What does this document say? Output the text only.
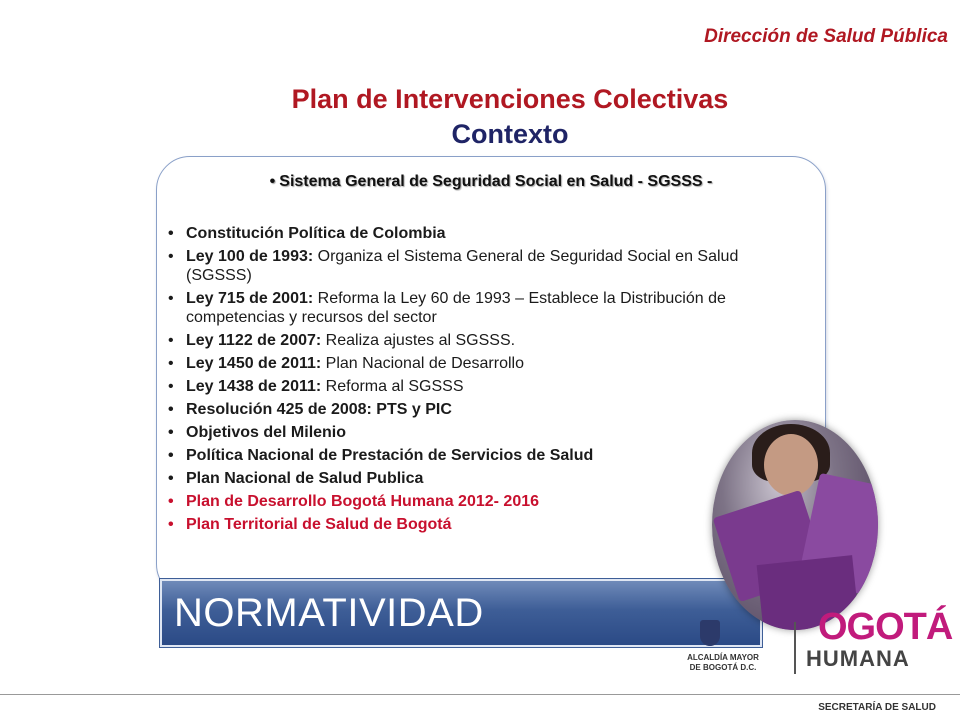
Dirección de Salud Pública
Plan de Intervenciones Colectivas
Contexto
• Sistema General de Seguridad Social en Salud - SGSSS -
• Constitución Política de Colombia
• Ley 100 de 1993: Organiza el Sistema General de Seguridad Social en Salud (SGSSS)
• Ley 715 de 2001: Reforma la Ley 60 de 1993 – Establece la Distribución de competencias y recursos del sector
• Ley 1122 de 2007: Realiza ajustes al SGSSS.
• Ley 1450 de 2011: Plan Nacional de Desarrollo
• Ley 1438 de 2011: Reforma al SGSSS
• Resolución 425 de 2008: PTS y PIC
• Objetivos del Milenio
• Política Nacional de Prestación de Servicios de Salud
• Plan Nacional de Salud Publica
• Plan de Desarrollo Bogotá Humana 2012- 2016
• Plan Territorial de Salud de Bogotá
NORMATIVIDAD
ALCALDÍA MAYOR
DE BOGOTÁ D.C.
OGOTÁ
HUMANA
SECRETARÍA DE SALUD
